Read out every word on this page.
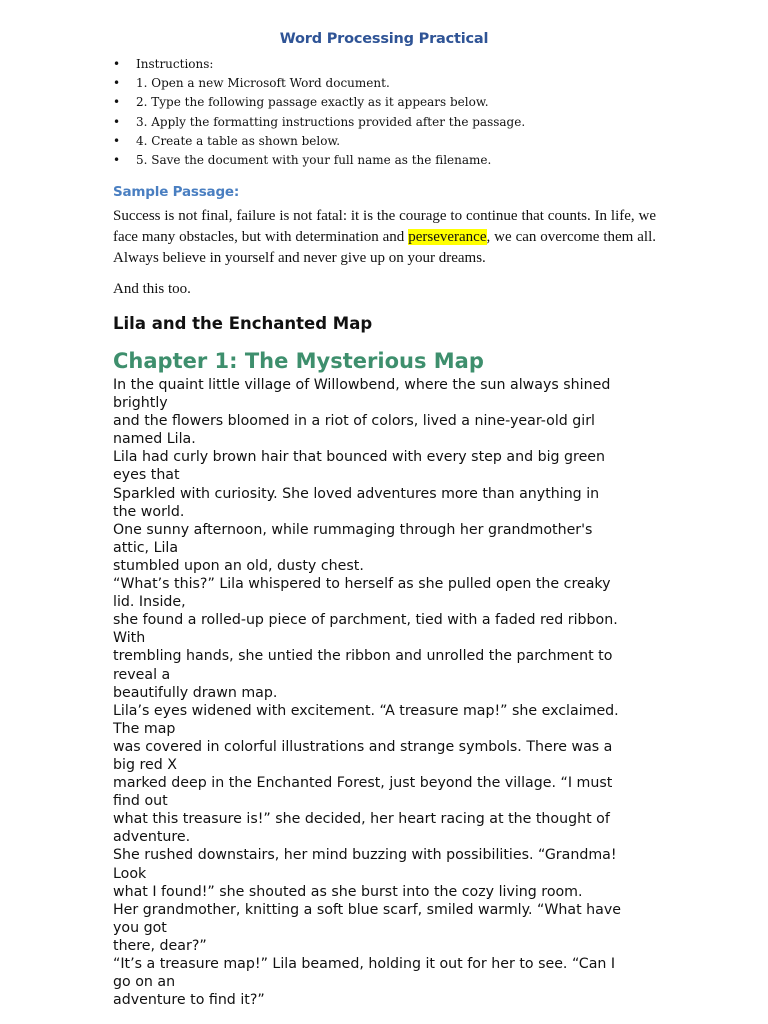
Word Processing Practical
• Instructions:
• 1. Open a new Microsoft Word document.
• 2. Type the following passage exactly as it appears below.
• 3. Apply the formatting instructions provided after the passage.
• 4. Create a table as shown below.
• 5. Save the document with your full name as the filename.
Sample Passage:

Success is not final, failure is not fatal: it is the courage to continue that counts. In life, we face many obstacles, but with determination and perseverance, we can overcome them all. Always believe in yourself and never give up on your dreams.

And this too.
Lila and the Enchanted Map
Chapter 1: The Mysterious Map
In the quaint little village of Willowbend, where the sun always shined
brightly
and the flowers bloomed in a riot of colors, lived a nine-year-old girl
named Lila.
Lila had curly brown hair that bounced with every step and big green
eyes that
Sparkled with curiosity. She loved adventures more than anything in
the world.
One sunny afternoon, while rummaging through her grandmother's
attic, Lila
stumbled upon an old, dusty chest.
“What’s this?” Lila whispered to herself as she pulled open the creaky
lid. Inside,
she found a rolled-up piece of parchment, tied with a faded red ribbon.
With
trembling hands, she untied the ribbon and unrolled the parchment to
reveal a
beautifully drawn map.
Lila’s eyes widened with excitement. “A treasure map!” she exclaimed.
The map
was covered in colorful illustrations and strange symbols. There was a
big red X
marked deep in the Enchanted Forest, just beyond the village. “I must
find out
what this treasure is!” she decided, her heart racing at the thought of
adventure.
She rushed downstairs, her mind buzzing with possibilities. “Grandma!
Look
what I found!” she shouted as she burst into the cozy living room.
Her grandmother, knitting a soft blue scarf, smiled warmly. “What have
you got
there, dear?”
“It’s a treasure map!” Lila beamed, holding it out for her to see. “Can I
go on an
adventure to find it?”
